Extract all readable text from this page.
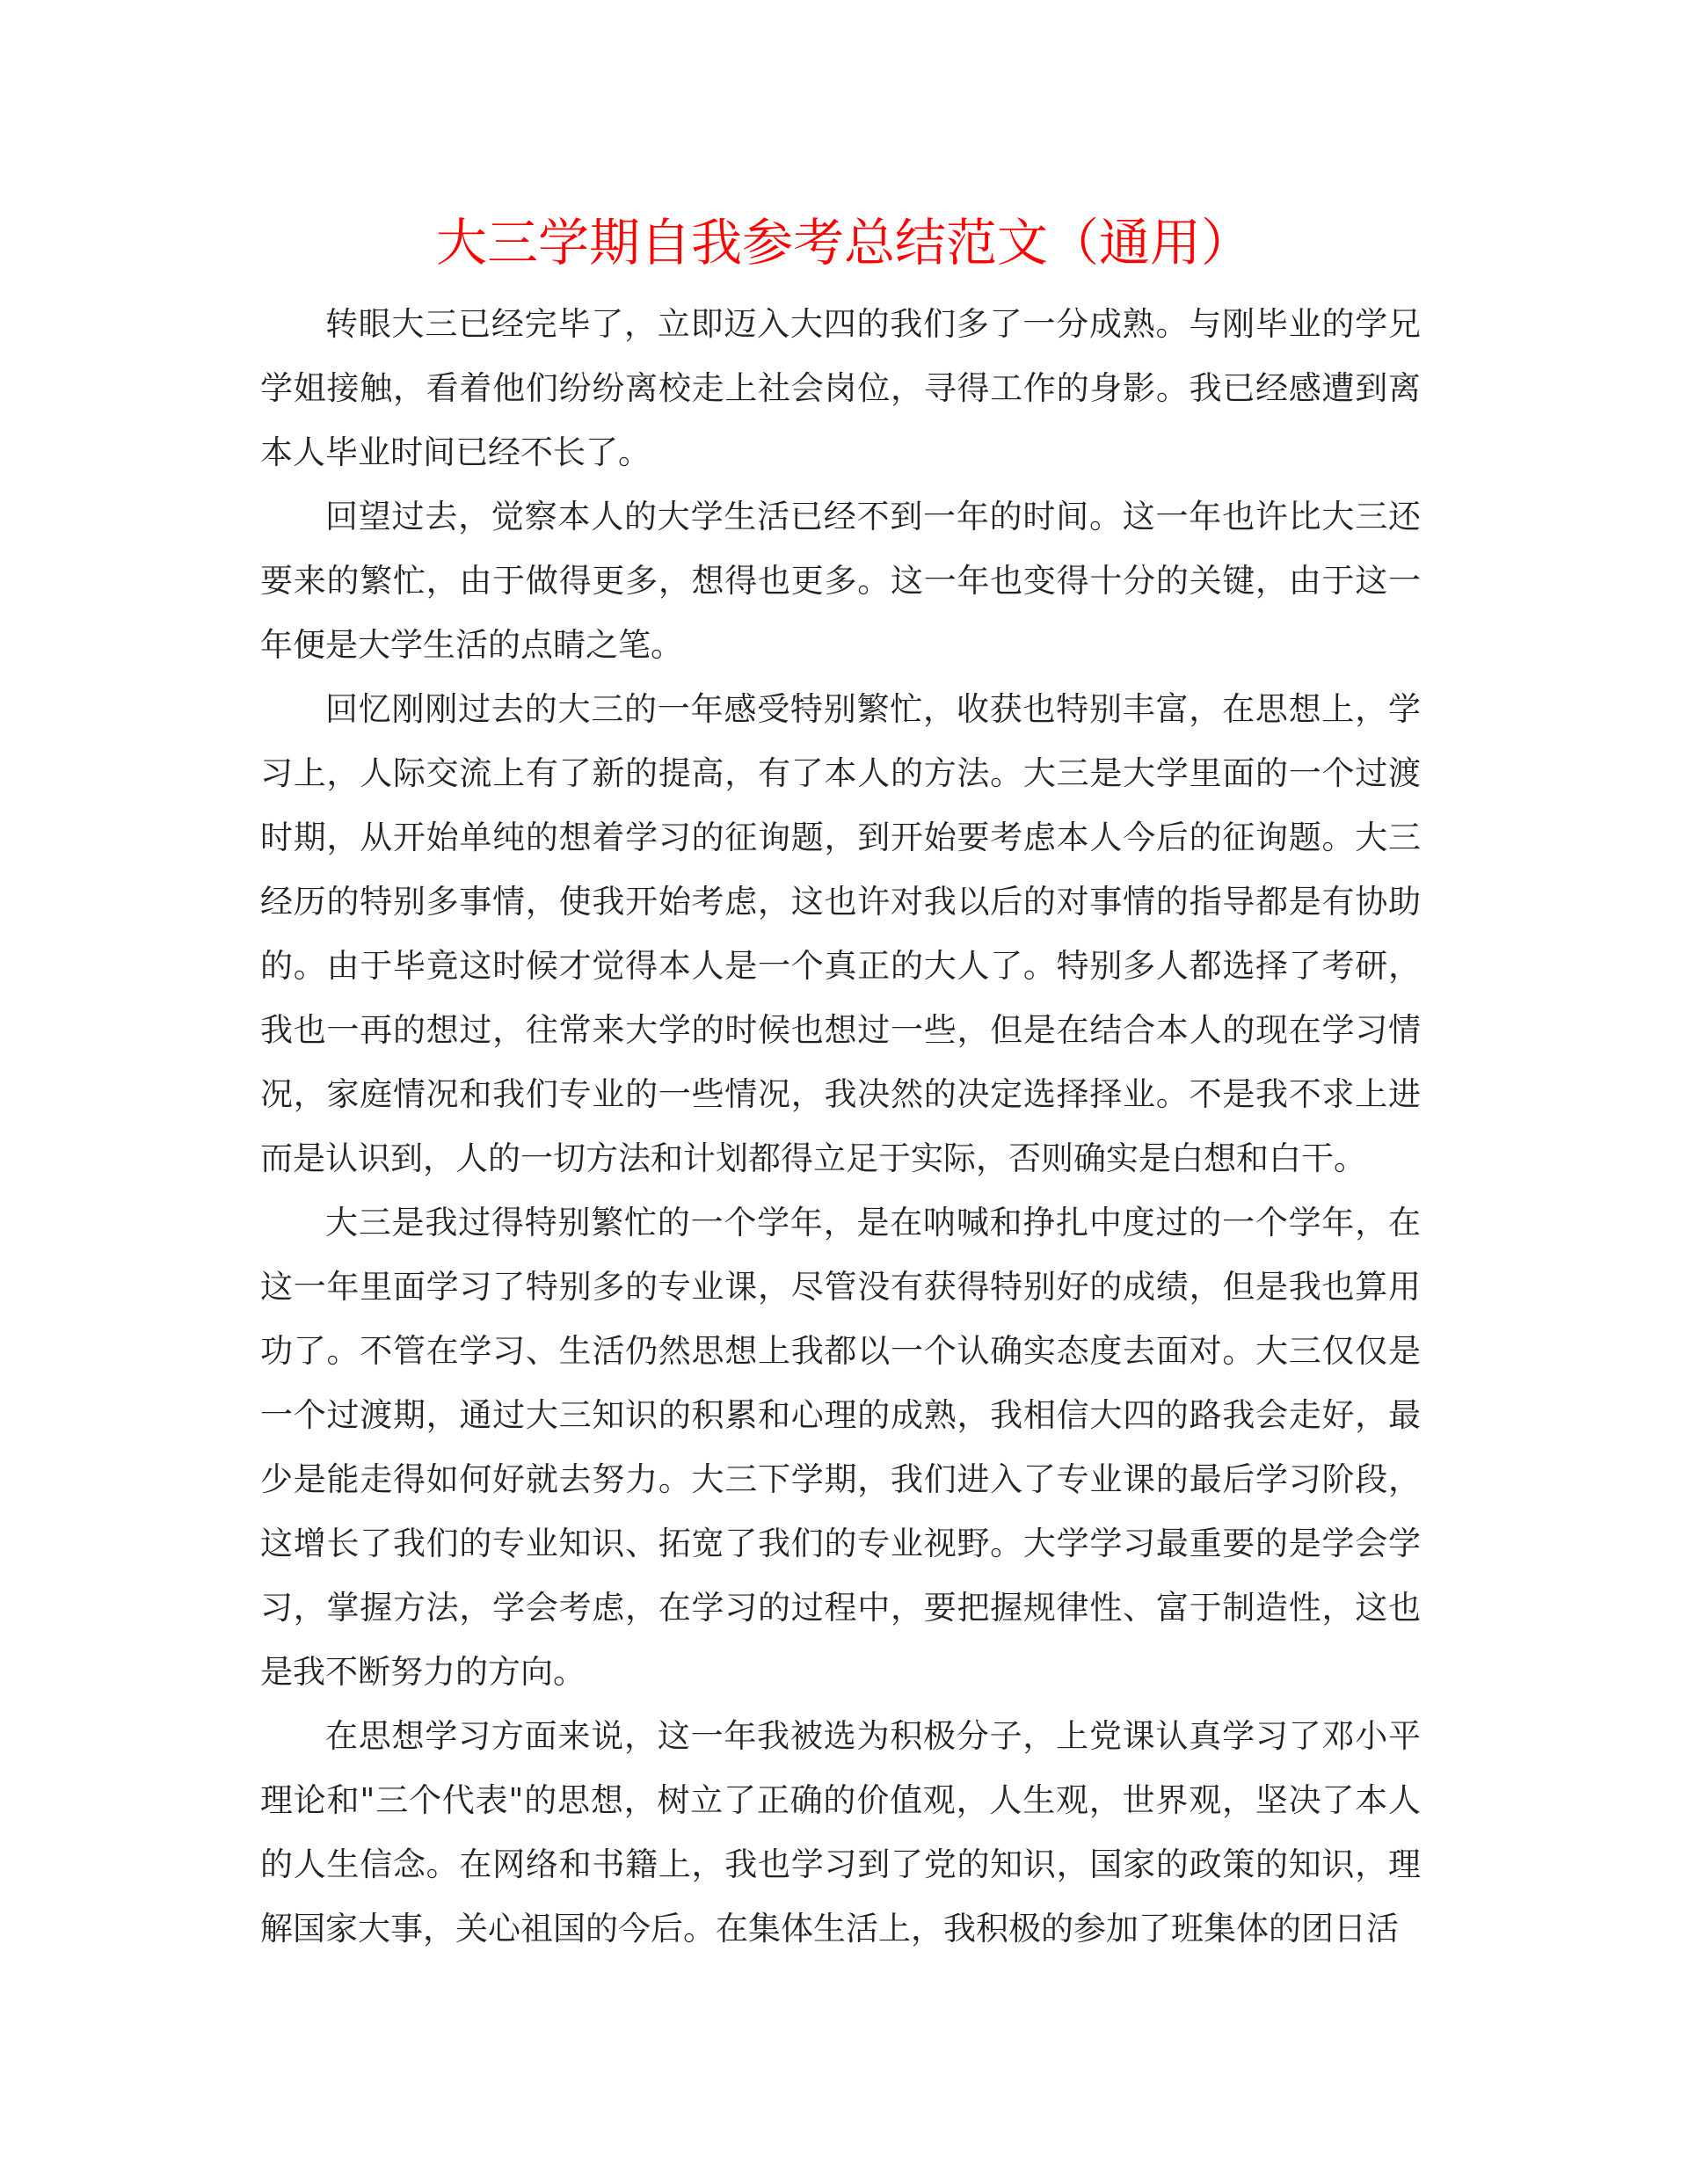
大三学期自我参考总结范文（通用）

转眼大三已经完毕了，立即迈入大四的我们多了一分成熟。与刚毕业的学兄学姐接触，看着他们纷纷离校走上社会岗位，寻得工作的身影。我已经感遭到离本人毕业时间已经不长了。

回望过去，觉察本人的大学生活已经不到一年的时间。这一年也许比大三还要来的繁忙，由于做得更多，想得也更多。这一年也变得十分的关键，由于这一年便是大学生活的点睛之笔。

回忆刚刚过去的大三的一年感受特别繁忙，收获也特别丰富，在思想上，学习上，人际交流上有了新的提高，有了本人的方法。大三是大学里面的一个过渡时期，从开始单纯的想着学习的征询题，到开始要考虑本人今后的征询题。大三经历的特别多事情，使我开始考虑，这也许对我以后的对事情的指导都是有协助的。由于毕竟这时候才觉得本人是一个真正的大人了。特别多人都选择了考研，我也一再的想过，往常来大学的时候也想过一些，但是在结合本人的现在学习情况，家庭情况和我们专业的一些情况，我决然的决定选择择业。不是我不求上进而是认识到，人的一切方法和计划都得立足于实际，否则确实是白想和白干。

大三是我过得特别繁忙的一个学年，是在呐喊和挣扎中度过的一个学年，在这一年里面学习了特别多的专业课，尽管没有获得特别好的成绩，但是我也算用功了。不管在学习、生活仍然思想上我都以一个认确实态度去面对。大三仅仅是一个过渡期，通过大三知识的积累和心理的成熟，我相信大四的路我会走好，最少是能走得如何好就去努力。大三下学期，我们进入了专业课的最后学习阶段，这增长了我们的专业知识、拓宽了我们的专业视野。大学学习最重要的是学会学习，掌握方法，学会考虑，在学习的过程中，要把握规律性、富于制造性，这也是我不断努力的方向。

在思想学习方面来说，这一年我被选为积极分子，上党课认真学习了邓小平理论和"三个代表"的思想，树立了正确的价值观，人生观，世界观，坚决了本人的人生信念。在网络和书籍上，我也学习到了党的知识，国家的政策的知识，理解国家大事，关心祖国的今后。在集体生活上，我积极的参加了班集体的团日活
